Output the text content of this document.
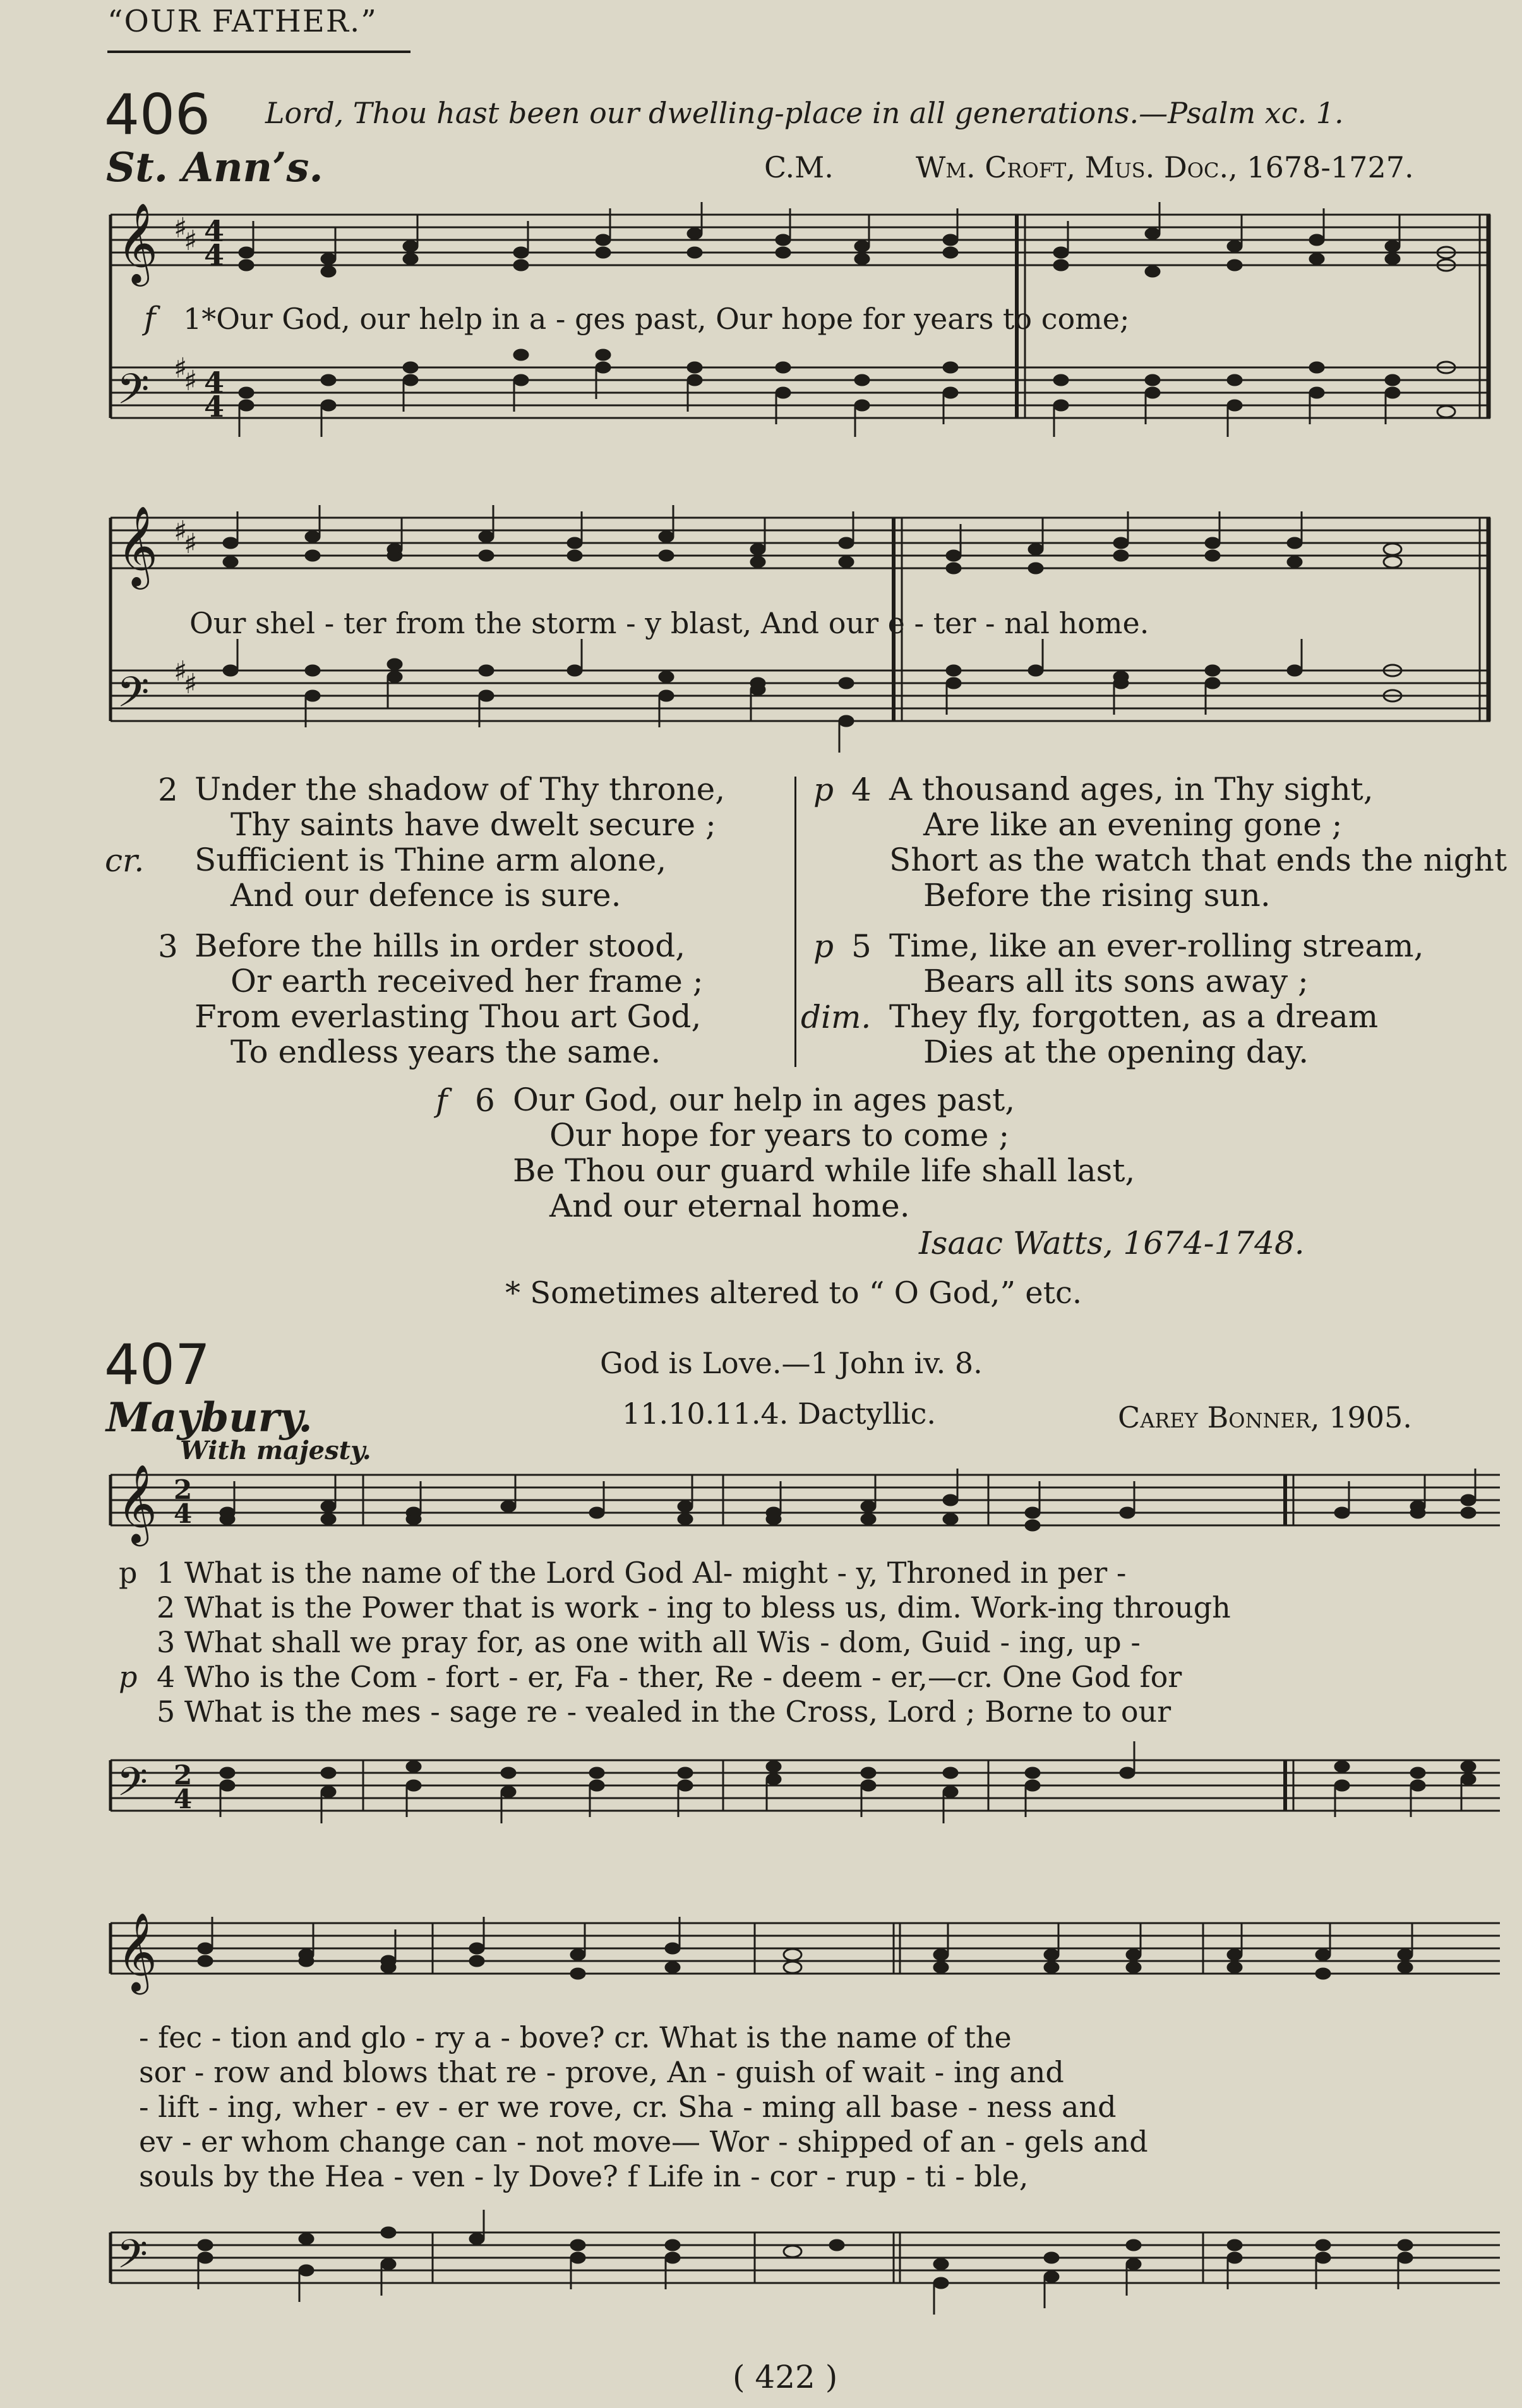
“OUR FATHER.”
406 Lord, Thou hast been our dwelling-place in all generations.—Psalm xc. 1.
St. Ann’s.	C.M.	Wm. Croft, Mus. Doc., 1678-1727.
𝄞
𝄢
♯
♯
♯
♯
4
4
4
4
f 1*Our God, our help in a - ges past, Our hope for years to come;
𝄞
𝄢
♯
♯
♯
♯
Our shel - ter from the storm - y blast, And our e - ter - nal home.
2
cr.
Under the shadow of Thy throne,
Thy saints have dwelt secure ;
Sufficient is Thine arm alone,
And our defence is sure.
3 Before the hills in order stood,
Or earth received her frame ;
From everlasting Thou art God,
To endless years the same.
p 4 A thousand ages, in Thy sight,
Are like an evening gone ;
Short as the watch that ends the night
Before the rising sun.
p 5
dim.
Time, like an ever-rolling stream,
Bears all its sons away ;
They fly, forgotten, as a dream
Dies at the opening day.
f 6 Our God, our help in ages past,
Our hope for years to come ;
Be Thou our guard while life shall last,
And our eternal home.
Isaac Watts, 1674-1748.
* Sometimes altered to “ O God,” etc.
407	God is Love.—1 John iv. 8.
Maybury.	11.10.11.4. Dactyllic.	Carey Bonner, 1905.
With majesty.
𝄞 2
4
p 1 What is the name of the Lord God Al- might - y, Throned in per -
2 What is the Power that is work - ing to bless us, dim. Work-ing through
3 What shall we pray for, as one with all Wis - dom, Guid - ing, up -
p 4 Who is the Com - fort - er, Fa - ther, Re - deem - er,—cr. One God for
5 What is the mes - sage re - vealed in the Cross, Lord ; Borne to our
𝄢 2
4
𝄞
- fec - tion and glo - ry a - bove? cr. What is the name of the
sor - row and blows that re - prove, An - guish of wait - ing and
- lift - ing, wher - ev - er we rove, cr. Sha - ming all base - ness and
ev - er whom change can - not move— Wor - shipped of an - gels and
souls by the Hea - ven - ly Dove? f Life in - cor - rup - ti - ble,
𝄢
( 422 )
